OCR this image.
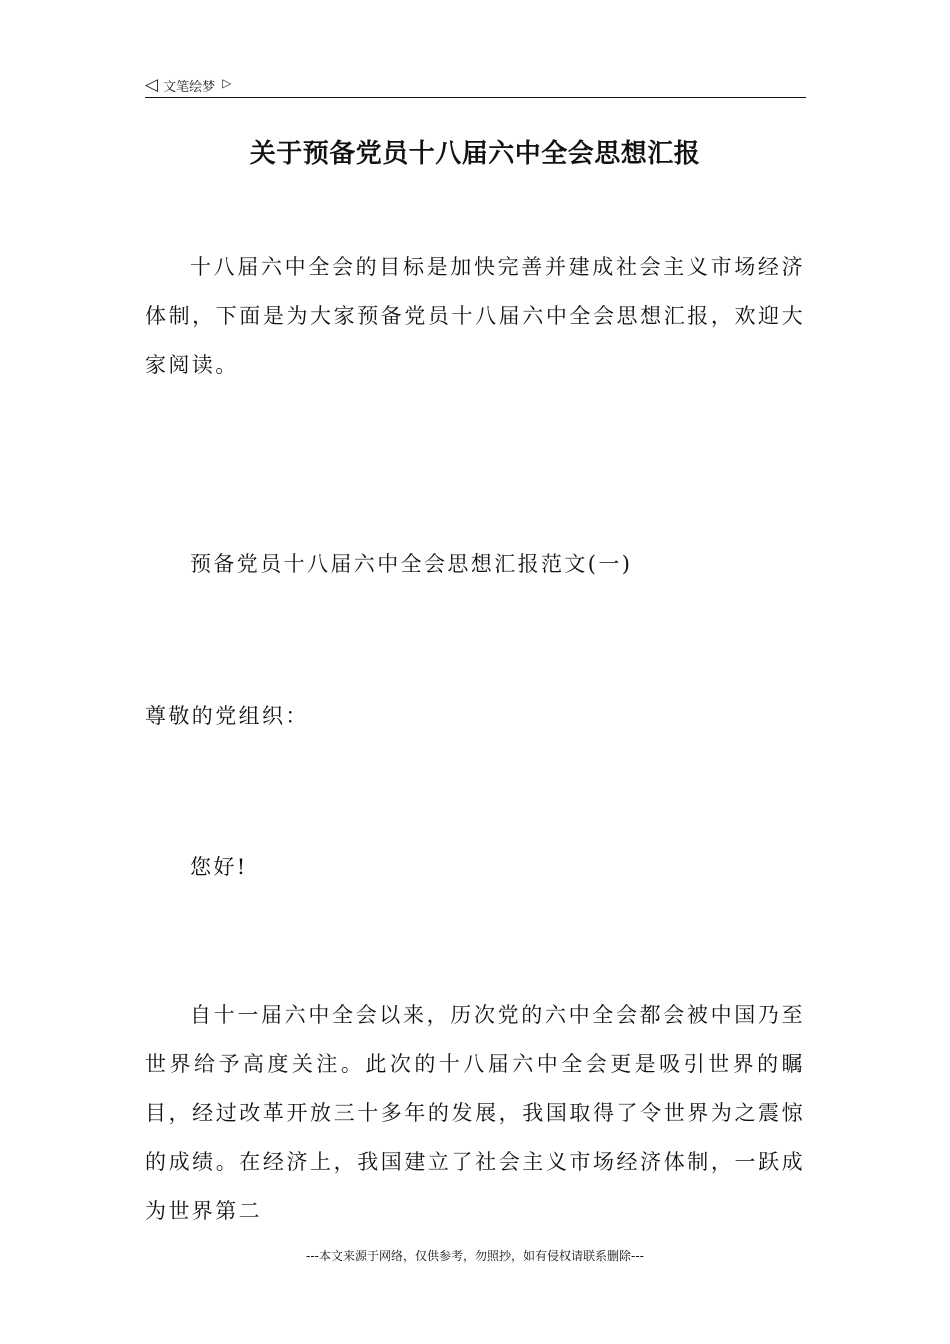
◁ 文笔绘梦 ▷
关于预备党员十八届六中全会思想汇报

十八届六中全会的目标是加快完善并建成社会主义市场经济体制，下面是为大家预备党员十八届六中全会思想汇报，欢迎大家阅读。

预备党员十八届六中全会思想汇报范文(一)

尊敬的党组织：

您好!

自十一届六中全会以来，历次党的六中全会都会被中国乃至世界给予高度关注。此次的十八届六中全会更是吸引世界的瞩目，经过改革开放三十多年的发展，我国取得了令世界为之震惊的成绩。在经济上，我国建立了社会主义市场经济体制，一跃成为世界第二

---本文来源于网络，仅供参考，勿照抄，如有侵权请联系删除---
